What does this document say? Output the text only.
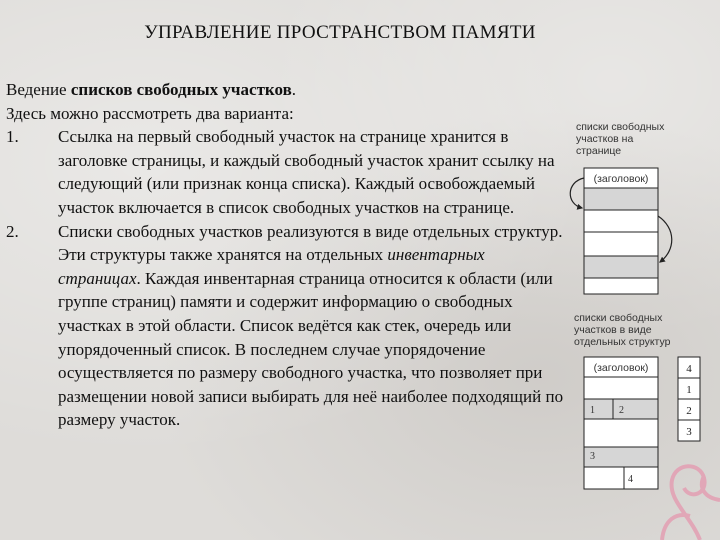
УПРАВЛЕНИЕ ПРОСТРАНСТВОМ ПАМЯТИ

Ведение списков свободных участков.

Здесь можно рассмотреть два варианта:

1.	Ссылка на первый свободный участок на странице хранится в заголовке страницы, и каждый свободный участок хранит ссылку на следующий (или признак конца списка). Каждый освобождаемый участок включается в список свободных участков на странице.
2.	Списки свободных участков реализуются в виде отдельных структур. Эти структуры также хранятся на отдельных инвентарных страницах. Каждая инвентарная страница относится к области (или группе страниц) памяти и содержит информацию о свободных участках в этой области. Список ведётся как стек, очередь или упорядоченный список. В последнем случае упорядочение осуществляется по размеру свободного участка, что позволяет при размещении новой записи выбирать для неё наиболее подходящий по размеру участок.
списки свободных
участков на
странице
списки свободных
участков в виде
отдельных структур
(заголовок)
(заголовок)
1 2
3
4
4
1
2
3
